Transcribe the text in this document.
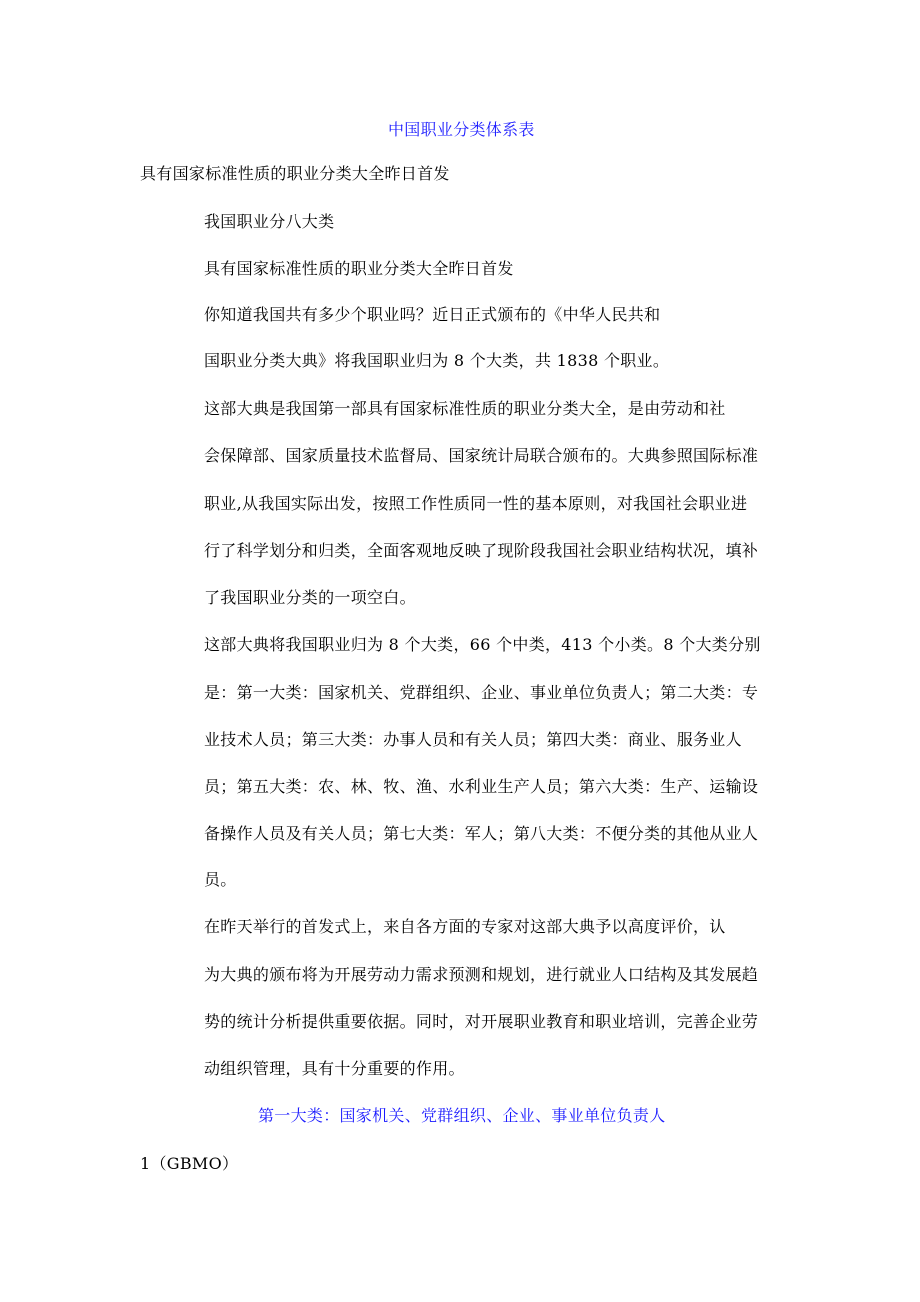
中国职业分类体系表
具有国家标准性质的职业分类大全昨日首发
我国职业分八大类
具有国家标准性质的职业分类大全昨日首发
你知道我国共有多少个职业吗？近日正式颁布的《中华人民共和
国职业分类大典》将我国职业归为 8 个大类，共 1838 个职业。
这部大典是我国第一部具有国家标准性质的职业分类大全，是由劳动和社
会保障部、国家质量技术监督局、国家统计局联合颁布的。大典参照国际标准
职业,从我国实际出发，按照工作性质同一性的基本原则，对我国社会职业进
行了科学划分和归类，全面客观地反映了现阶段我国社会职业结构状况，填补
了我国职业分类的一项空白。
这部大典将我国职业归为 8 个大类，66 个中类，413 个小类。8 个大类分别
是：第一大类：国家机关、党群组织、企业、事业单位负责人；第二大类：专
业技术人员；第三大类：办事人员和有关人员；第四大类：商业、服务业人
员；第五大类：农、林、牧、渔、水利业生产人员；第六大类：生产、运输设
备操作人员及有关人员；第七大类：军人；第八大类：不便分类的其他从业人
员。
在昨天举行的首发式上，来自各方面的专家对这部大典予以高度评价，认
为大典的颁布将为开展劳动力需求预测和规划，进行就业人口结构及其发展趋
势的统计分析提供重要依据。同时，对开展职业教育和职业培训，完善企业劳
动组织管理，具有十分重要的作用。
第一大类：国家机关、党群组织、企业、事业单位负责人
1（GBMO）
